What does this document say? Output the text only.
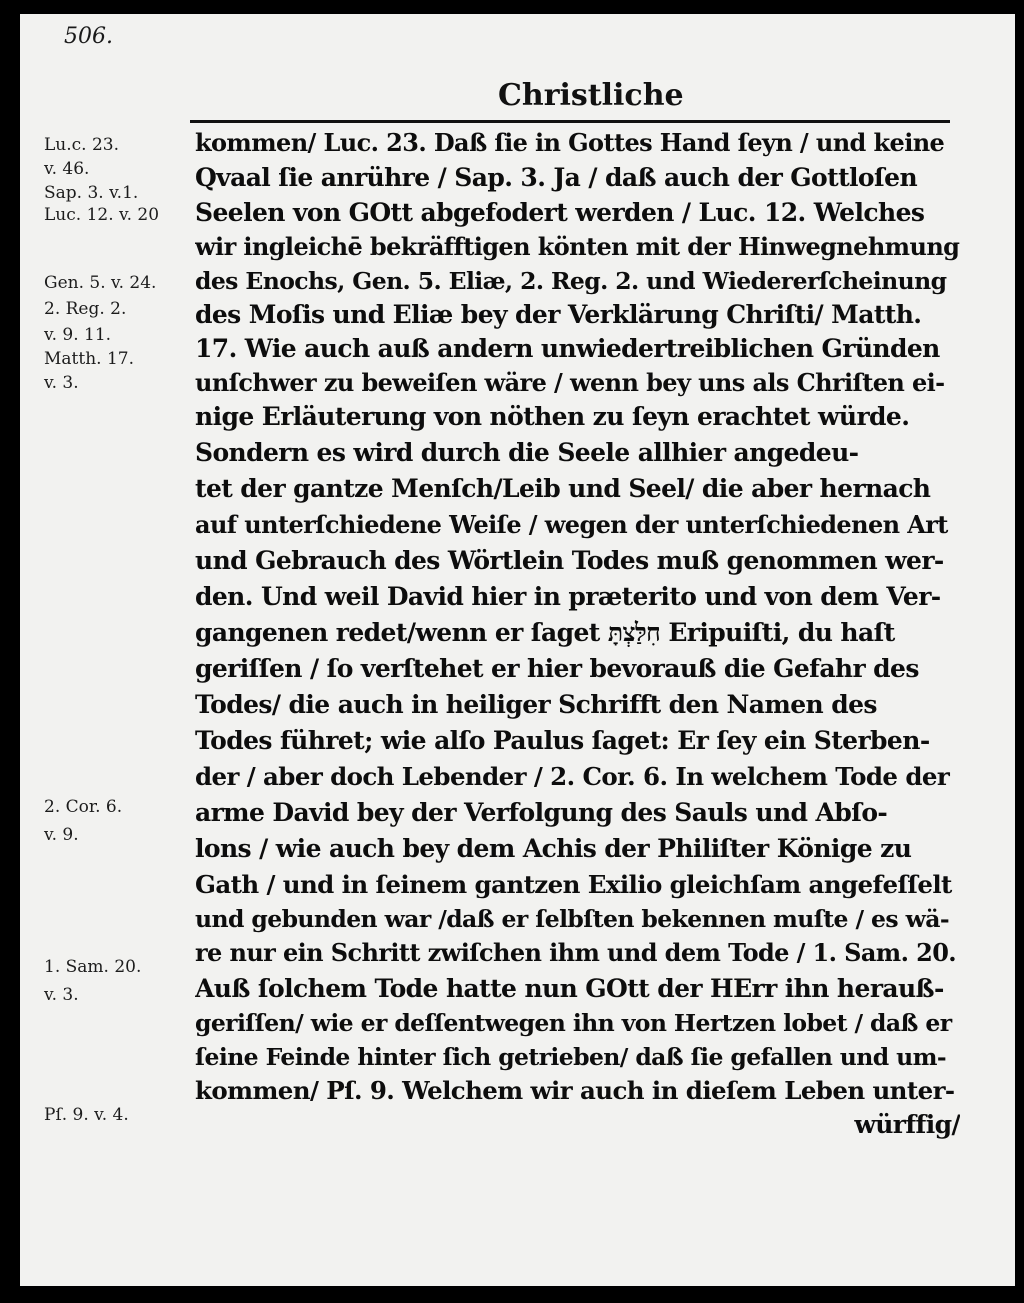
506.

Christliche

Lu.c. 23.
v. 46.
Sap. 3. v.1.
Luc. 12. v. 20
Gen. 5. v. 24.
2. Reg. 2.
v. 9. 11.
Matth. 17.
v. 3.
2. Cor. 6.
v. 9.
1. Sam. 20.
v. 3.
Pſ. 9. v. 4.
kommen/ Luc. 23. Daß ſie in Gottes Hand ſeyn / und keine
Qvaal ſie anrühre / Sap. 3. Ja / daß auch der Gottloſen
Seelen von GOtt abgefodert werden / Luc. 12. Welches
wir ingleichē bekräfftigen könten mit der Hinwegnehmung
des Enochs, Gen. 5. Eliæ, 2. Reg. 2. und Wiedererſcheinung
des Moſis und Eliæ bey der Verklärung Chriſti/ Matth.
17. Wie auch auß andern unwiedertreiblichen Gründen
unſchwer zu beweiſen wäre / wenn bey uns als Chriſten ei-
nige Erläuterung von nöthen zu ſeyn erachtet würde.
Sondern es wird durch die Seele allhier angedeu-
tet der gantze Menſch/Leib und Seel/ die aber hernach
auf unterſchiedene Weiſe / wegen der unterſchiedenen Art
und Gebrauch des Wörtlein Todes muß genommen wer-
den. Und weil David hier in præterito und von dem Ver-
gangenen redet/wenn er ſaget חִלַּצְתָּ Eripuiſti, du haſt
geriſſen / ſo verſtehet er hier bevorauß die Gefahr des
Todes/ die auch in heiliger Schrifft den Namen des
Todes führet; wie alſo Paulus ſaget: Er ſey ein Sterben-
der / aber doch Lebender / 2. Cor. 6. In welchem Tode der
arme David bey der Verfolgung des Sauls und Abſo-
lons / wie auch bey dem Achis der Philiſter Könige zu
Gath / und in ſeinem gantzen Exilio gleichſam angefeſſelt
und gebunden war /daß er ſelbſten bekennen muſte / es wä-
re nur ein Schritt zwiſchen ihm und dem Tode / 1. Sam. 20.
Auß ſolchem Tode hatte nun GOtt der HErr ihn herauß-
geriſſen/ wie er deſſentwegen ihn von Hertzen lobet / daß er
ſeine Feinde hinter ſich getrieben/ daß ſie gefallen und um-
kommen/ Pſ. 9. Welchem wir auch in dieſem Leben unter-
würffig/
